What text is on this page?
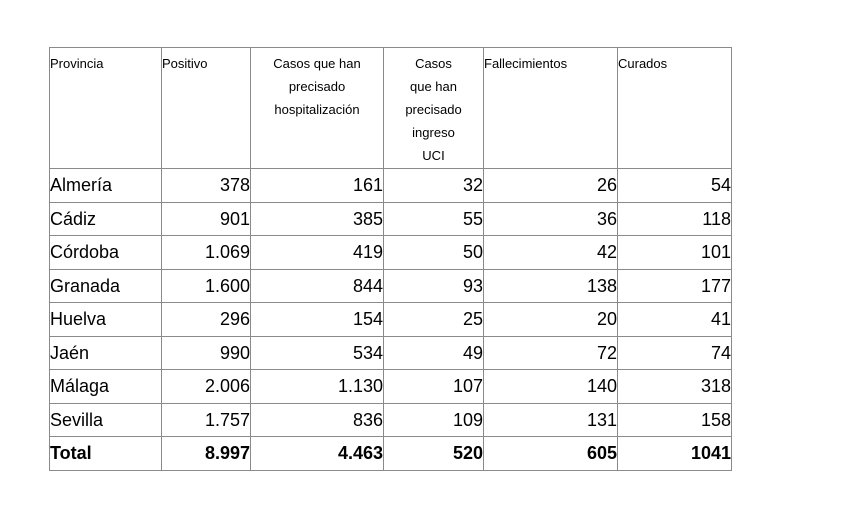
Provincia	Positivo	Casos que han
precisado
hospitalización	Casos
que han
precisado
ingreso
UCI	Fallecimientos	Curados

Almería	378	161	32	26	54
Cádiz	901	385	55	36	118
Córdoba	1.069	419	50	42	101
Granada	1.600	844	93	138	177
Huelva	296	154	25	20	41
Jaén	990	534	49	72	74
Málaga	2.006	1.130	107	140	318
Sevilla	1.757	836	109	131	158
Total	8.997	4.463	520	605	1041
